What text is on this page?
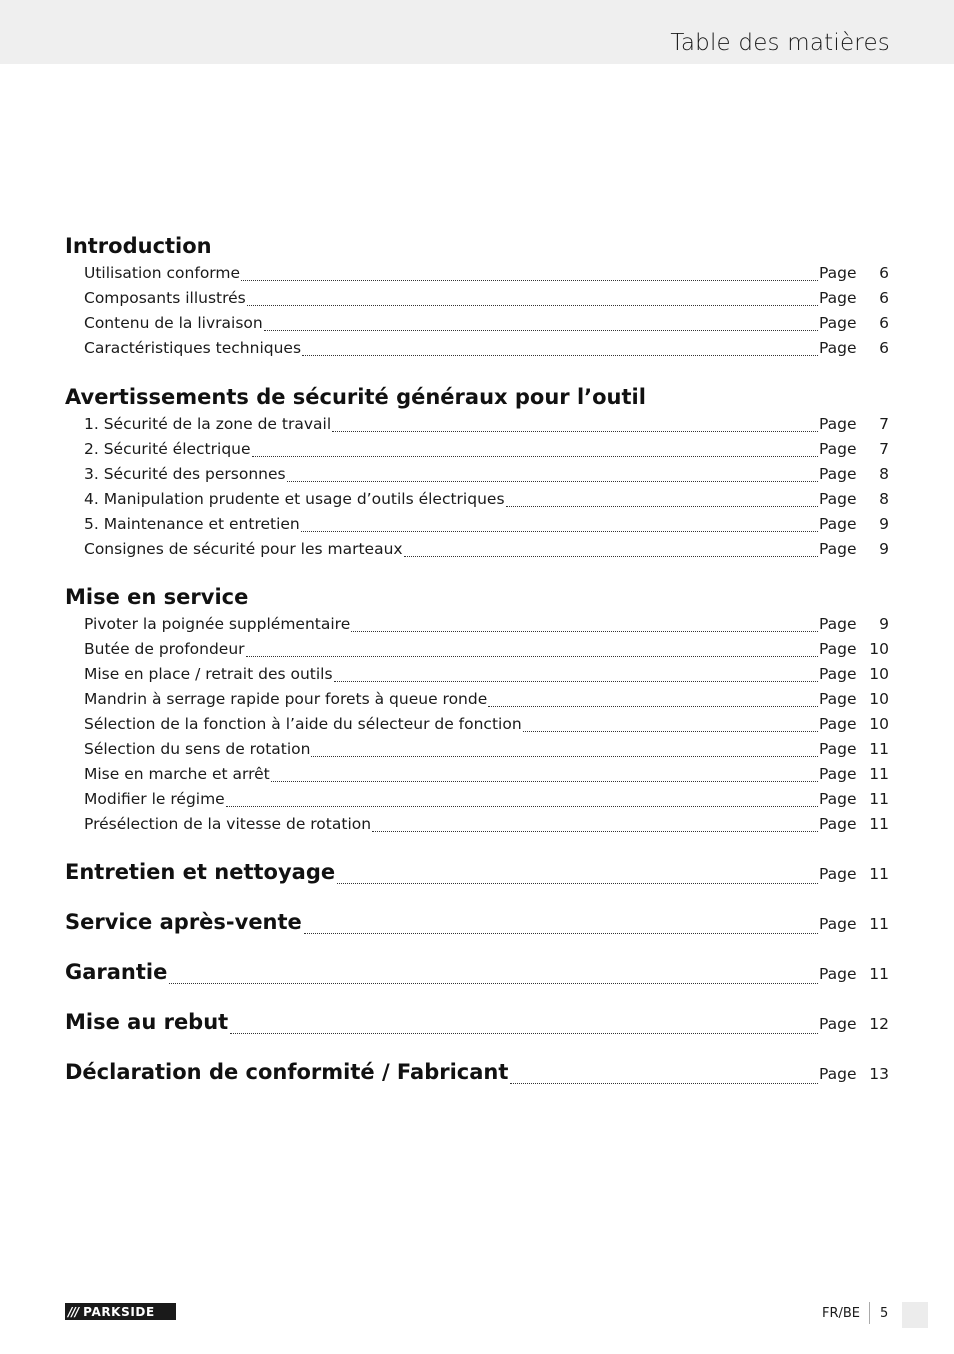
Table des matières
Introduction
Utilisation conforme	Page	6
Composants illustrés	Page	6
Contenu de la livraison	Page	6
Caractéristiques techniques	Page	6
Avertissements de sécurité généraux pour l’outil
1. Sécurité de la zone de travail	Page	7
2. Sécurité électrique	Page	7
3. Sécurité des personnes	Page	8
4. Manipulation prudente et usage d’outils électriques	Page	8
5. Maintenance et entretien	Page	9
Consignes de sécurité pour les marteaux	Page	9
Mise en service
Pivoter la poignée supplémentaire	Page	9
Butée de profondeur	Page 10
Mise en place / retrait des outils	Page 10
Mandrin à serrage rapide pour forets à queue ronde	Page 10
Sélection de la fonction à l’aide du sélecteur de fonction	Page 10
Sélection du sens de rotation	Page 11
Mise en marche et arrêt	Page 11
Modifier le régime	Page 11
Présélection de la vitesse de rotation	Page 11
Entretien et nettoyage	Page 11
Service après-vente	Page 11
Garantie	Page 11
Mise au rebut	Page 12
Déclaration de conformité / Fabricant	Page 13
/// PARKSIDE	FR/BE 5
